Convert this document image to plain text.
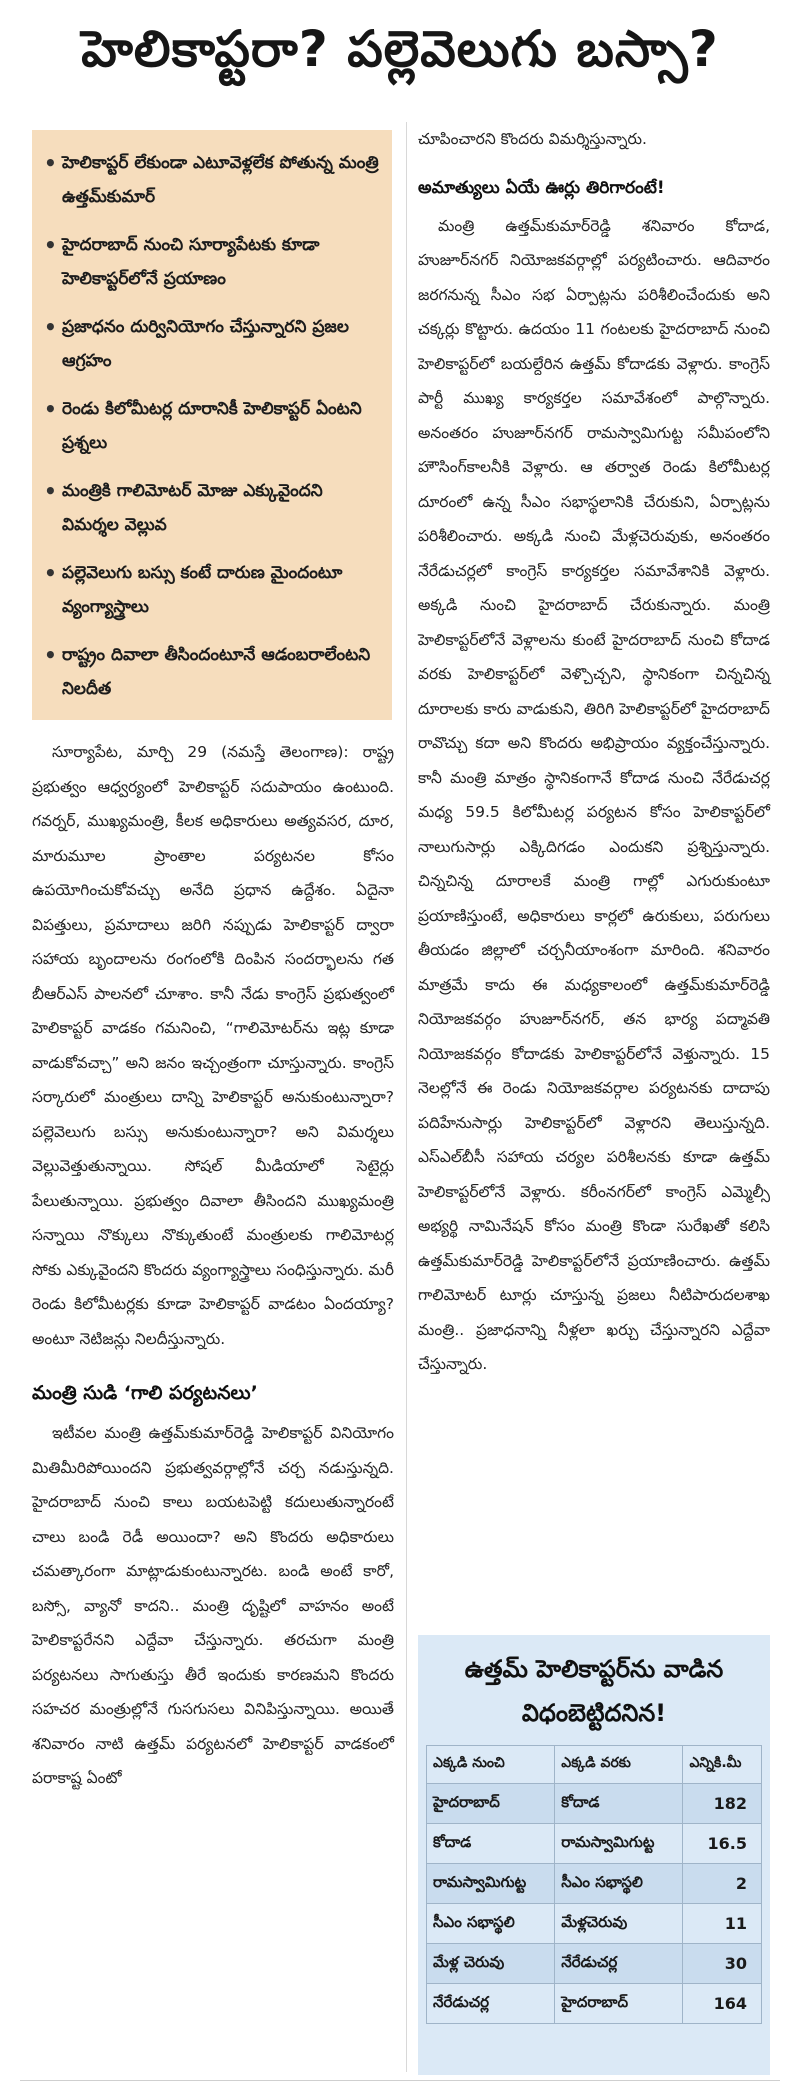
హెలికాప్టరా? పల్లెవెలుగు బస్సా?
• హెలికాప్టర్ లేకుండా ఎటూవెళ్లలేక పోతున్న మంత్రి ఉత్తమ్‌కుమార్
• హైదరాబాద్ నుంచి సూర్యాపేటకు కూడా హెలికాప్టర్‌లోనే ప్రయాణం
• ప్రజాధనం దుర్వినియోగం చేస్తున్నారని ప్రజల ఆగ్రహం
• రెండు కిలోమీటర్ల దూరానికీ హెలికాప్టర్ ఏంటని ప్రశ్నలు
• మంత్రికి గాలిమోటర్ మోజు ఎక్కువైందని విమర్శల వెల్లువ
• పల్లెవెలుగు బస్సు కంటే దారుణ మైందంటూ వ్యంగ్యాస్త్రాలు
• రాష్ట్రం దివాలా తీసిందంటూనే ఆడంబరాలేంటని నిలదీత

సూర్యాపేట, మార్చి 29 (నమస్తే తెలంగాణ): రాష్ట్ర ప్రభుత్వం ఆధ్వర్యంలో హెలికాప్టర్ సదుపాయం ఉంటుంది. గవర్నర్, ముఖ్యమంత్రి, కీలక అధికారులు అత్యవసర, దూర, మారుమూల ప్రాంతాల పర్యటనల కోసం ఉపయోగించుకోవచ్చు అనేది ప్రధాన ఉద్దేశం. ఏదైనా విపత్తులు, ప్రమాదాలు జరిగి నప్పుడు హెలికాప్టర్ ద్వారా సహాయ బృందాలను రంగంలోకి దింపిన సందర్భాలను గత బీఆర్ఎస్ పాలనలో చూశాం. కానీ నేడు కాంగ్రెస్ ప్రభుత్వంలో హెలికాప్టర్ వాడకం గమనించి, “గాలిమోటర్‌ను ఇట్ల కూడా వాడుకోవచ్చా” అని జనం ఇచ్చంత్రంగా చూస్తున్నారు. కాంగ్రెస్ సర్కారులో మంత్రులు దాన్ని హెలికాప్టర్ అనుకుంటున్నారా? పల్లెవెలుగు బస్సు అనుకుంటున్నారా? అని విమర్శలు వెల్లువెత్తుతున్నాయి. సోషల్ మీడియాలో సెటైర్లు పేలుతున్నాయి. ప్రభుత్వం దివాలా తీసిందని ముఖ్యమంత్రి సన్నాయి నొక్కులు నొక్కుతుంటే మంత్రులకు గాలిమోటర్ల సోకు ఎక్కువైందని కొందరు వ్యంగ్యాస్త్రాలు సంధిస్తున్నారు. మరీ రెండు కిలోమీటర్లకు కూడా హెలికాప్టర్ వాడటం ఏందయ్యా? అంటూ నెటిజన్లు నిలదీస్తున్నారు.

మంత్రి సుడి ‘గాలి పర్యటనలు’

ఇటీవల మంత్రి ఉత్తమ్‌కుమార్‌రెడ్డి హెలికాప్టర్ వినియోగం మితిమీరిపోయిందని ప్రభుత్వవర్గాల్లోనే చర్చ నడుస్తున్నది. హైదరాబాద్ నుంచి కాలు బయటపెట్టి కదులుతున్నారంటే చాలు బండి రెడీ అయిందా? అని కొందరు అధికారులు చమత్కారంగా మాట్లాడుకుంటున్నారట. బండి అంటే కారో, బస్సో, వ్యానో కాదని.. మంత్రి దృష్టిలో వాహనం అంటే హెలికాప్టరేనని ఎద్దేవా చేస్తున్నారు. తరచుగా మంత్రి పర్యటనలు సాగుతుస్తు తీరే ఇందుకు కారణమని కొందరు సహచర మంత్రుల్లోనే గుసగుసలు వినిపిస్తున్నాయి. అయితే శనివారం నాటి ఉత్తమ్ పర్యటనలో హెలికాప్టర్ వాడకంలో పరాకాష్ట ఏంటో

చూపించారని కొందరు విమర్శిస్తున్నారు.

అమాత్యులు ఏయే ఊర్లు తిరిగారంటే!

మంత్రి ఉత్తమ్‌కుమార్‌రెడ్డి శనివారం కోదాడ, హుజూర్‌నగర్ నియోజకవర్గాల్లో పర్యటించారు. ఆదివారం జరగనున్న సీఎం సభ ఏర్పాట్లను పరిశీలించేందుకు అని చక్కర్లు కొట్టారు. ఉదయం 11 గంటలకు హైదరాబాద్ నుంచి హెలికాప్టర్‌లో బయల్దేరిన ఉత్తమ్ కోదాడకు వెళ్లారు. కాంగ్రెస్ పార్టీ ముఖ్య కార్యకర్తల సమావేశంలో పాల్గొన్నారు. అనంతరం హుజూర్‌నగర్ రామస్వామిగుట్ట సమీపంలోని హౌసింగ్‌కాలనీకి వెళ్లారు. ఆ తర్వాత రెండు కిలోమీటర్ల దూరంలో ఉన్న సీఎం సభాస్థలానికి చేరుకుని, ఏర్పాట్లను పరిశీలించారు. అక్కడి నుంచి మేళ్లచెరువుకు, అనంతరం నేరేడుచర్లలో కాంగ్రెస్ కార్యకర్తల సమావేశానికి వెళ్లారు. అక్కడి నుంచి హైదరాబాద్ చేరుకున్నారు. మంత్రి హెలికాప్టర్‌లోనే వెళ్లాలను కుంటే హైదరాబాద్ నుంచి కోదాడ వరకు హెలికాప్టర్‌లో వెళ్చొచ్చని, స్థానికంగా చిన్నచిన్న దూరాలకు కారు వాడుకుని, తిరిగి హెలికాప్టర్‌లో హైదరాబాద్ రావొచ్చు కదా అని కొందరు అభిప్రాయం వ్యక్తంచేస్తున్నారు. కానీ మంత్రి మాత్రం స్థానికంగానే కోదాడ నుంచి నేరేడుచర్ల మధ్య 59.5 కిలోమీటర్ల పర్యటన కోసం హెలికాప్టర్‌లో నాలుగుసార్లు ఎక్కిదిగడం ఎందుకని ప్రశ్నిస్తున్నారు. చిన్నచిన్న దూరాలకే మంత్రి గాల్లో ఎగురుకుంటూ ప్రయాణిస్తుంటే, అధికారులు కార్లలో ఉరుకులు, పరుగులు తీయడం జిల్లాలో చర్చనీయాంశంగా మారింది. శనివారం మాత్రమే కాదు ఈ మధ్యకాలంలో ఉత్తమ్‌కుమార్‌రెడ్డి నియోజకవర్గం హుజూర్‌నగర్, తన భార్య పద్మావతి నియోజకవర్గం కోదాడకు హెలికాప్టర్‌లోనే వెళ్తున్నారు. 15 నెలల్లోనే ఈ రెండు నియోజకవర్గాల పర్యటనకు దాదాపు పదిహేనుసార్లు హెలికాప్టర్‌లో వెళ్లారని తెలుస్తున్నది. ఎస్‌ఎల్‌బీసీ సహాయ చర్యల పరిశీలనకు కూడా ఉత్తమ్ హెలికాప్టర్‌లోనే వెళ్లారు. కరీంనగర్‌లో కాంగ్రెస్ ఎమ్మెల్సీ అభ్యర్థి నామినేషన్ కోసం మంత్రి కొండా సురేఖతో కలిసి ఉత్తమ్‌కుమార్‌రెడ్డి హెలికాప్టర్‌లోనే ప్రయాణించారు. ఉత్తమ్ గాలిమోటర్ టూర్లు చూస్తున్న ప్రజలు నీటిపారుదలశాఖ మంత్రి.. ప్రజాధనాన్ని నీళ్లలా ఖర్చు చేస్తున్నారని ఎద్దేవా చేస్తున్నారు.

ఉత్తమ్ హెలికాప్టర్‌ను వాడిన విధంబెట్టిదనిన!
ఎక్కడి నుంచి	ఎక్కడి వరకు	ఎన్నికి.మీ
హైదరాబాద్	కోదాడ	182
కోదాడ	రామస్వామిగుట్ట	16.5
రామస్వామిగుట్ట	సీఎం సభాస్థలి	2
సీఎం సభాస్థలి	మేళ్లచెరువు	11
మేళ్ల చెరువు	నేరేడుచర్ల	30
నేరేడుచర్ల	హైదరాబాద్	164
